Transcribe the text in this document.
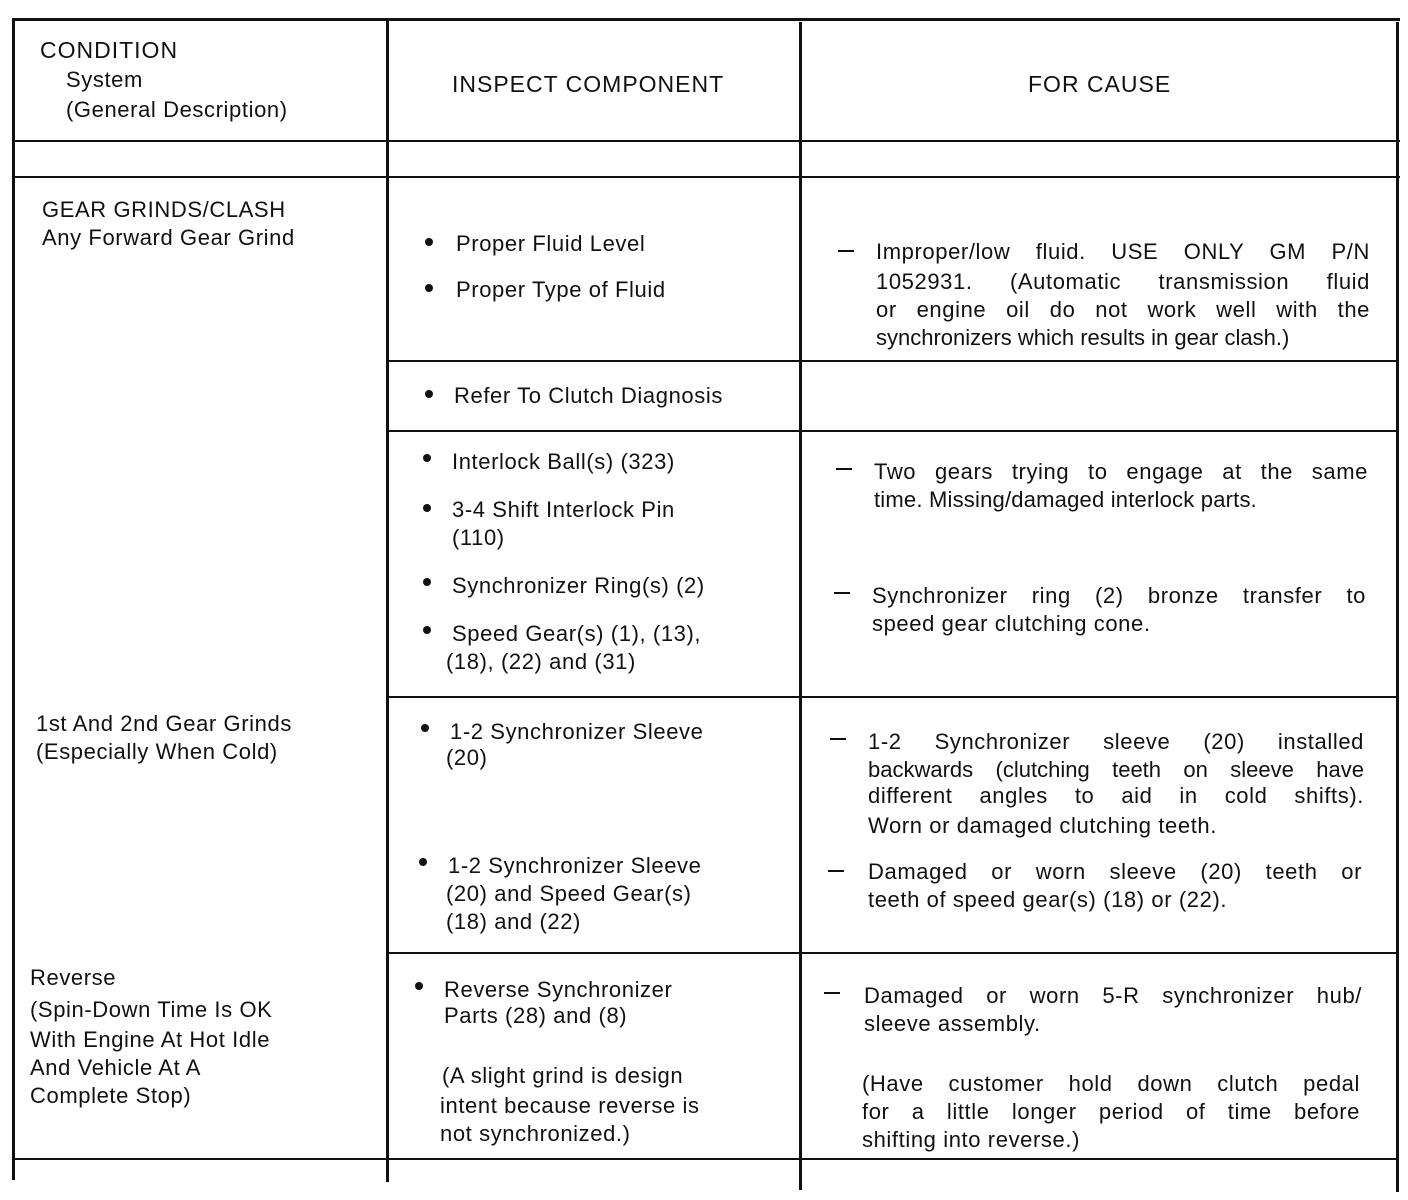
CONDITION
System
(General Description)
INSPECT COMPONENT	FOR CAUSE
GEAR GRINDS/CLASH
Any Forward Gear Grind
1st And 2nd Gear Grinds
(Especially When Cold)
Reverse
(Spin-Down Time Is OK
With Engine At Hot Idle
And Vehicle At A
Complete Stop)
Proper Fluid Level
Proper Type of Fluid
Refer To Clutch Diagnosis
Interlock Ball(s) (323)
3-4 Shift Interlock Pin
(110)
Synchronizer Ring(s) (2)
Speed Gear(s) (1), (13),
(18), (22) and (31)
1-2 Synchronizer Sleeve
(20)
1-2 Synchronizer Sleeve
(20) and Speed Gear(s)
(18) and (22)
Reverse Synchronizer
Parts (28) and (8)
(A slight grind is design
intent because reverse is
not synchronized.)
Improper/low fluid. USE ONLY GM P/N
1052931. (Automatic transmission fluid
or engine oil do not work well with the
synchronizers which results in gear clash.)
Two gears trying to engage at the same
time. Missing/damaged interlock parts.
Synchronizer ring (2) bronze transfer to
speed gear clutching cone.
1-2 Synchronizer sleeve (20) installed
backwards (clutching teeth on sleeve have
different angles to aid in cold shifts).
Worn or damaged clutching teeth.
Damaged or worn sleeve (20) teeth or
teeth of speed gear(s) (18) or (22).
Damaged or worn 5-R synchronizer hub/
sleeve assembly.
(Have customer hold down clutch pedal
for a little longer period of time before
shifting into reverse.)
